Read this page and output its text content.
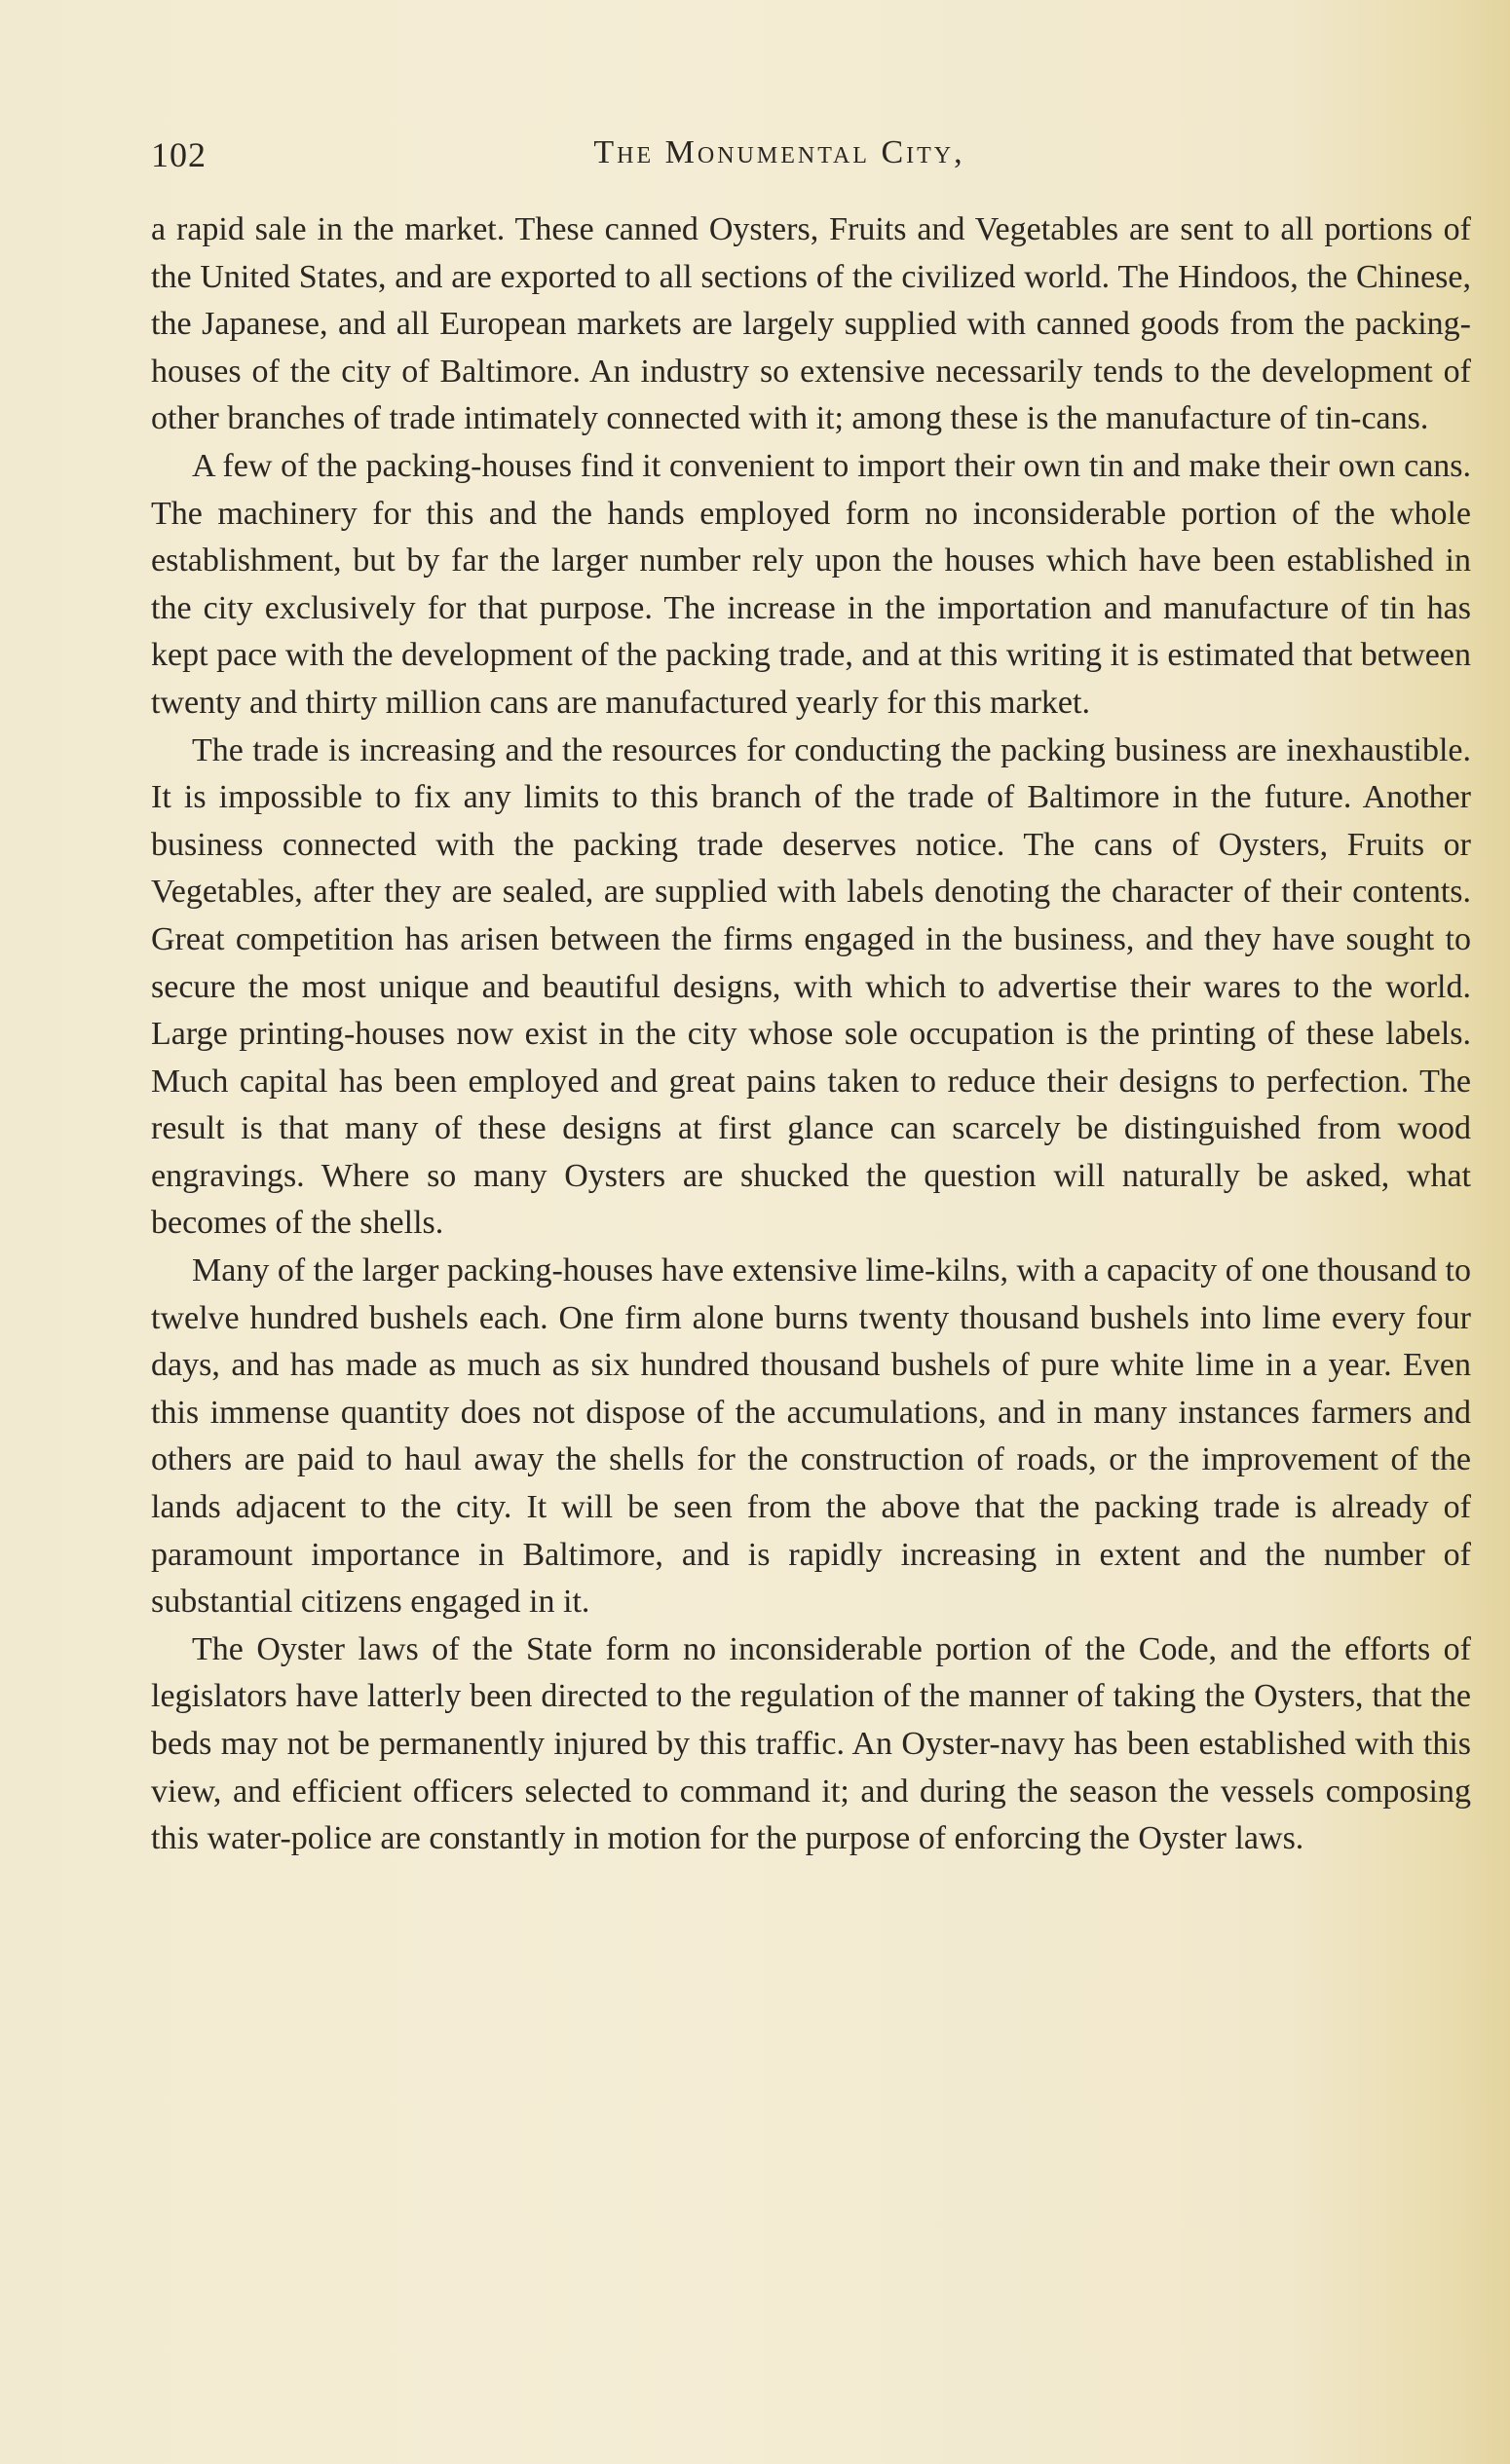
102	The Monumental City,

a rapid sale in the market. These canned Oysters, Fruits and Vegetables are sent to all portions of the United States, and are exported to all sections of the civilized world. The Hindoos, the Chinese, the Japanese, and all European markets are largely supplied with canned goods from the packing-houses of the city of Baltimore. An industry so extensive necessarily tends to the development of other branches of trade intimately connected with it; among these is the manufacture of tin-cans.

A few of the packing-houses find it convenient to import their own tin and make their own cans. The machinery for this and the hands employed form no inconsiderable portion of the whole establishment, but by far the larger number rely upon the houses which have been established in the city exclusively for that purpose. The increase in the importation and manufacture of tin has kept pace with the development of the packing trade, and at this writing it is estimated that between twenty and thirty million cans are manufactured yearly for this market.

The trade is increasing and the resources for conducting the packing business are inexhaustible. It is impossible to fix any limits to this branch of the trade of Baltimore in the future. Another business connected with the packing trade deserves notice. The cans of Oysters, Fruits or Vegetables, after they are sealed, are supplied with labels denoting the character of their contents. Great competition has arisen between the firms engaged in the business, and they have sought to secure the most unique and beautiful designs, with which to advertise their wares to the world. Large printing-houses now exist in the city whose sole occupation is the printing of these labels. Much capital has been employed and great pains taken to reduce their designs to perfection. The result is that many of these designs at first glance can scarcely be distinguished from wood engravings. Where so many Oysters are shucked the question will naturally be asked, what becomes of the shells.

Many of the larger packing-houses have extensive lime-kilns, with a capacity of one thousand to twelve hundred bushels each. One firm alone burns twenty thousand bushels into lime every four days, and has made as much as six hundred thousand bushels of pure white lime in a year. Even this immense quantity does not dispose of the accumulations, and in many instances farmers and others are paid to haul away the shells for the construction of roads, or the improvement of the lands adjacent to the city. It will be seen from the above that the packing trade is already of paramount importance in Baltimore, and is rapidly increasing in extent and the number of substantial citizens engaged in it.

The Oyster laws of the State form no inconsiderable portion of the Code, and the efforts of legislators have latterly been directed to the regulation of the manner of taking the Oysters, that the beds may not be permanently injured by this traffic. An Oyster-navy has been established with this view, and efficient officers selected to command it; and during the season the vessels composing this water-police are constantly in motion for the purpose of enforcing the Oyster laws.
